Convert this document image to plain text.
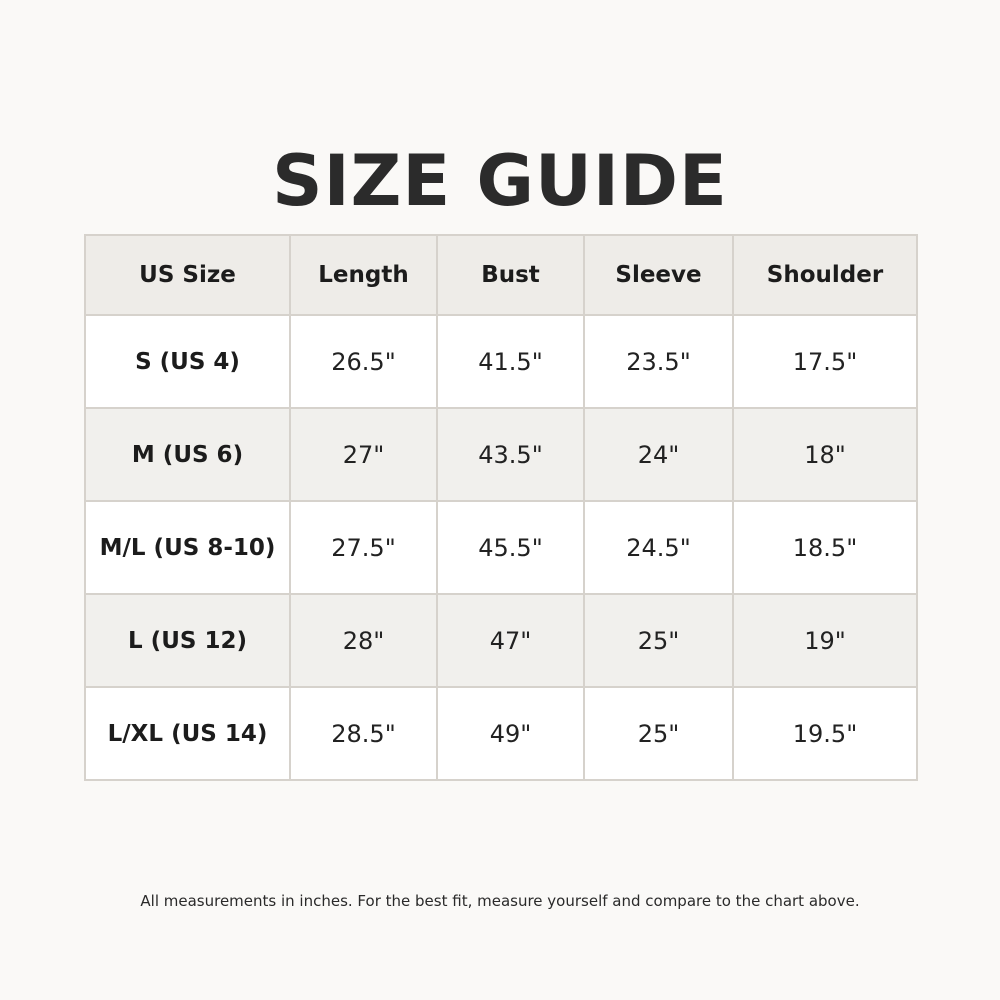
SIZE GUIDE
US Size	Length	Bust	Sleeve	Shoulder
S (US 4)	26.5"	41.5"	23.5"	17.5"
M (US 6)	27"	43.5"	24"	18"
M/L (US 8-10)	27.5"	45.5"	24.5"	18.5"
L (US 12)	28"	47"	25"	19"
L/XL (US 14)	28.5"	49"	25"	19.5"

All measurements in inches. For the best fit, measure yourself and compare to the chart above.
